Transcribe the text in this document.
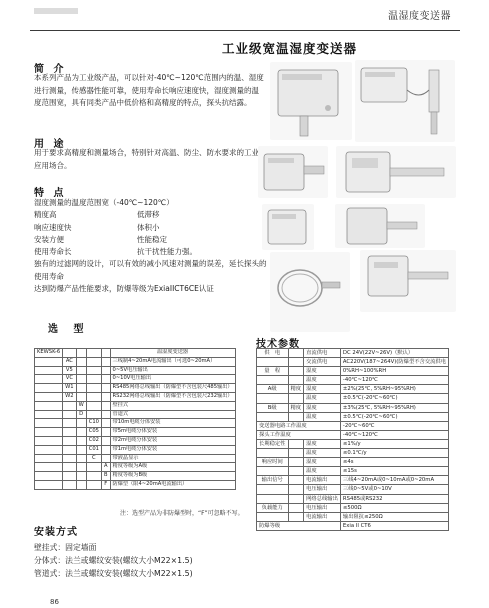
温湿度变送器
工业级宽温湿度变送器
简 介
本系列产品为工业级产品，可以针对-40℃~120℃范围内的温、湿度进行测量，传感器性能可靠，使用寿命长响应速度快，湿度测量的温度范围宽，具有同类产品中低价格和高精度的特点，探头抗结露。
用 途
用于要求高精度和测量场合，特别针对高温、防尘、防水要求的工业应用场合。
特 点
湿度测量的温度范围宽（-40℃~120℃）
精度高	低滞移
响应速度快	体积小
安装方便	性能稳定
使用寿命长	抗干扰性能力强。
独有的过滤网的设计，可以有效的减小风速对测量的误差，延长探头的使用寿命
达到防爆产品性能要求，防爆等级为ExiaIICT6CE认证
选 型
KEWSK-6					温湿度变送器
	AC				三线制4~20mA电流输出（可选0~20mA）
	V5				0~5V电压输出
	VC				0~10V电压输出
	W1				RS485网络总线输出（防爆型不含包装尺485输出）
	W2				RS232网络总线输出（防爆型不含包装尺232输出）
		W			壁挂式
		D			管道式
			C10		带10m电缆分体安装
			C05		带5m电缆分体安装
			C02		带2m电缆分体安装
			C01		带1m电缆分体安装
			C		带液晶显示
				A	精度等级为A级
				B	精度等级为B级
				F	防爆型（限4~20mA电流输出）
注：选型产品为非防爆型时，“F”可忽略不写。
技术参数
供　电		直流供电	DC 24V(22V~26V)（默认）
		交流供电	AC220V(187~264V)(防爆型不含交流供电
量　程		湿度	0%RH~100%RH
		温度	-40℃~120℃
A级	精度	湿度	±2%(25℃, 5%RH~95%RH)
		温度	±0.5℃(-20℃~60℃)
B级	精度	湿度	±3%(25℃, 5%RH~95%RH)
		温度	±0.5℃(-20℃~60℃)
变送器电路工作温度			-20℃~60℃
探头工作温度			-40℃~120℃
长期稳定性		湿度	≤1%/y
		温度	≤0.1℃/y
响应时间		湿度	≤4s
		温度	≤15s
输出信号		电流输出	三线4~20mA或0~10mA或0~20mA
		电压输出	三线0~5V或0~10V
		网络总线输出	RS485或RS232
负载能力		电压输出	≤500Ω
		电流输出	输出阻抗≤250Ω
防爆等级			Exia II CT6
安装方式
壁挂式：固定墙面
分体式：法兰或螺纹安装(螺纹大小M22×1.5)
管道式：法兰或螺纹安装(螺纹大小M22×1.5)
86
